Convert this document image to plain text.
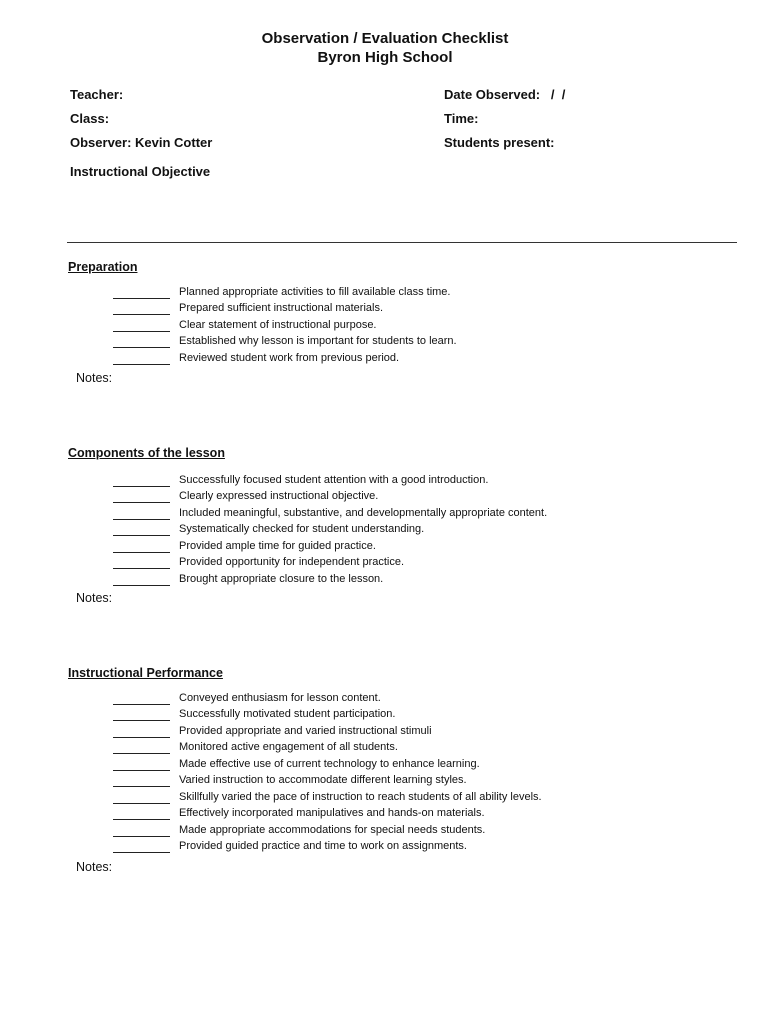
Observation / Evaluation Checklist
Byron High School
Teacher:
Class:
Observer: Kevin Cotter
Instructional Objective
Date Observed:   /  /
Time:
Students present:
Preparation
Planned appropriate activities to fill available class time.
Prepared sufficient instructional materials.
Clear statement of instructional purpose.
Established why lesson is important for students to learn.
Reviewed student work from previous period.
Notes:
Components of the lesson
Successfully focused student attention with a good introduction.
Clearly expressed instructional objective.
Included meaningful, substantive, and developmentally appropriate content.
Systematically checked for student understanding.
Provided ample time for guided practice.
Provided opportunity for independent practice.
Brought appropriate closure to the lesson.
Notes:
Instructional Performance
Conveyed enthusiasm for lesson content.
Successfully motivated student participation.
Provided appropriate and varied instructional stimuli
Monitored active engagement of all students.
Made effective use of current technology to enhance learning.
Varied instruction to accommodate different learning styles.
Skillfully varied the pace of instruction to reach students of all ability levels.
Effectively incorporated manipulatives and hands-on materials.
Made appropriate accommodations for special needs students.
Provided guided practice and time to work on assignments.
Notes:
